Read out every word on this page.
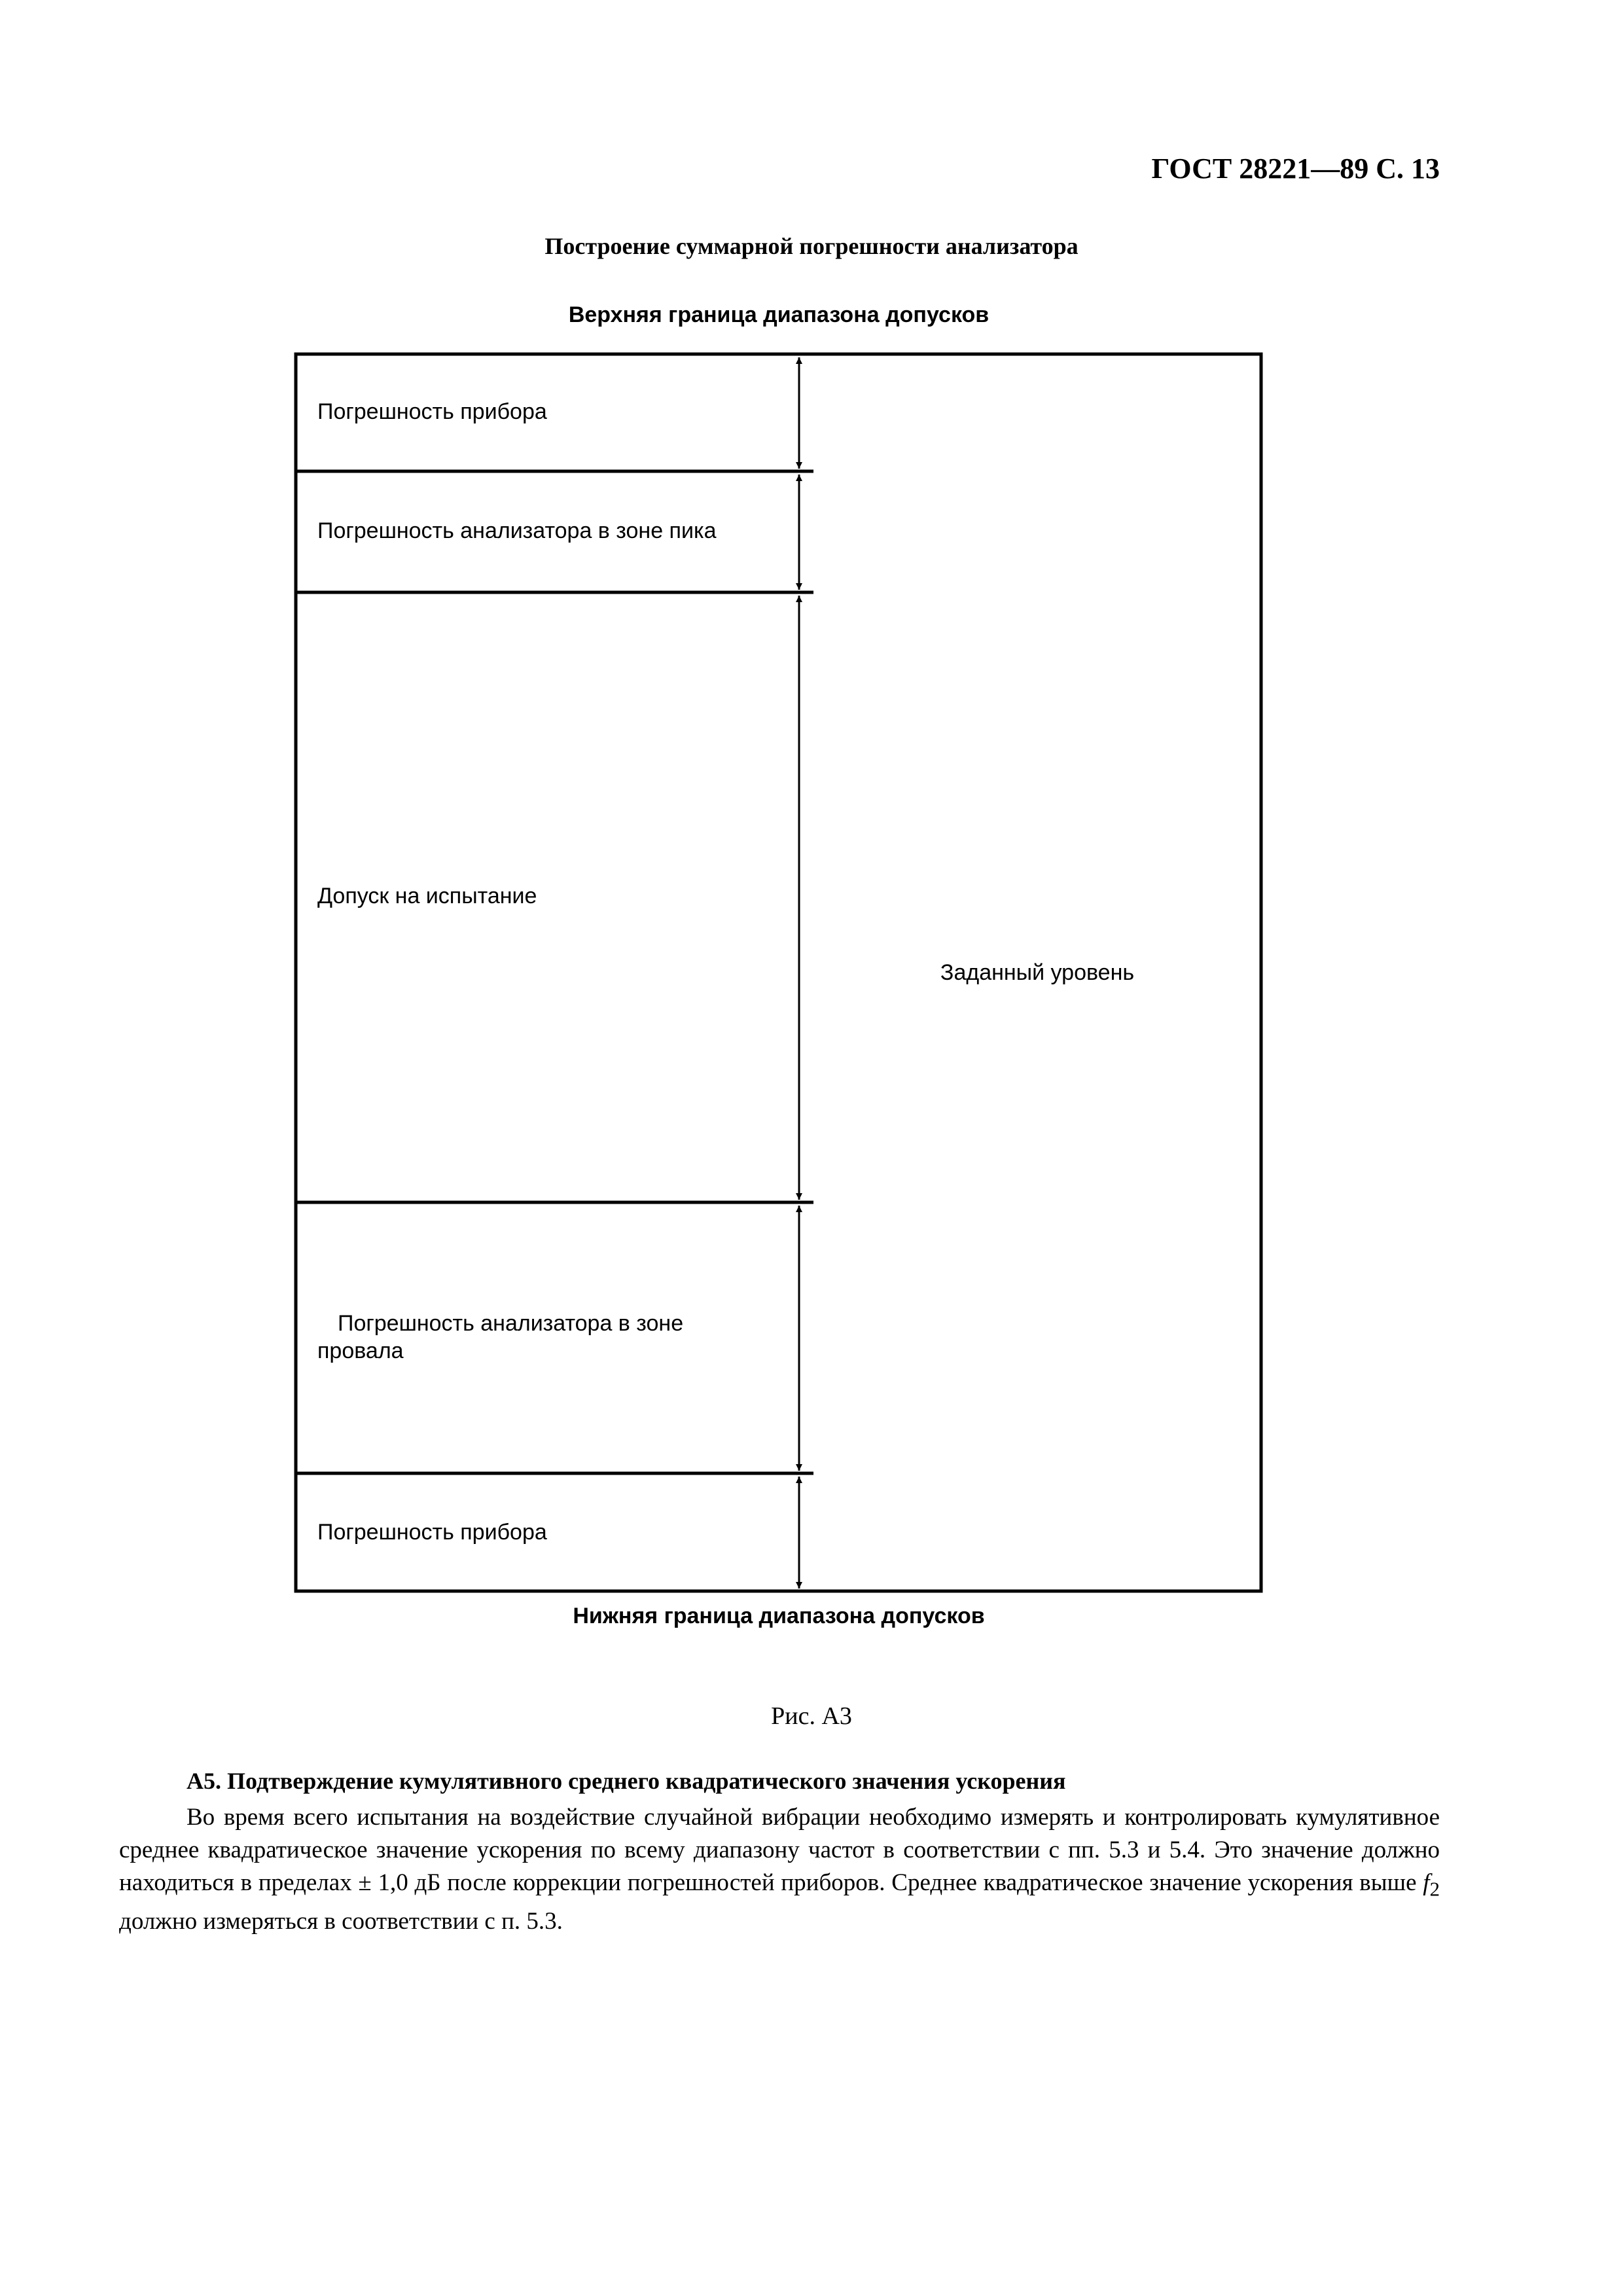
ГОСТ 28221—89 С. 13
Построение суммарной погрешности анализатора
Верхняя граница диапазона допусков
Погрешность прибора
Погрешность анализатора в зоне пика
Допуск на испытание
Погрешность анализатора в зоне
провала
Погрешность прибора
Заданный уровень
Нижняя граница диапазона допусков
Рис. А3
А5. Подтверждение кумулятивного среднего квадратического значения ускорения
Во время всего испытания на воздействие случайной вибрации необходимо измерять и контролировать кумулятивное среднее квадратическое значение ускорения по всему диапазону частот в соответствии с пп. 5.3 и 5.4. Это значение должно находиться в пределах ± 1,0 дБ после коррекции погрешностей приборов. Среднее квадратическое значение ускорения выше $f_2$ должно измеряться в соответствии с п. 5.3.
